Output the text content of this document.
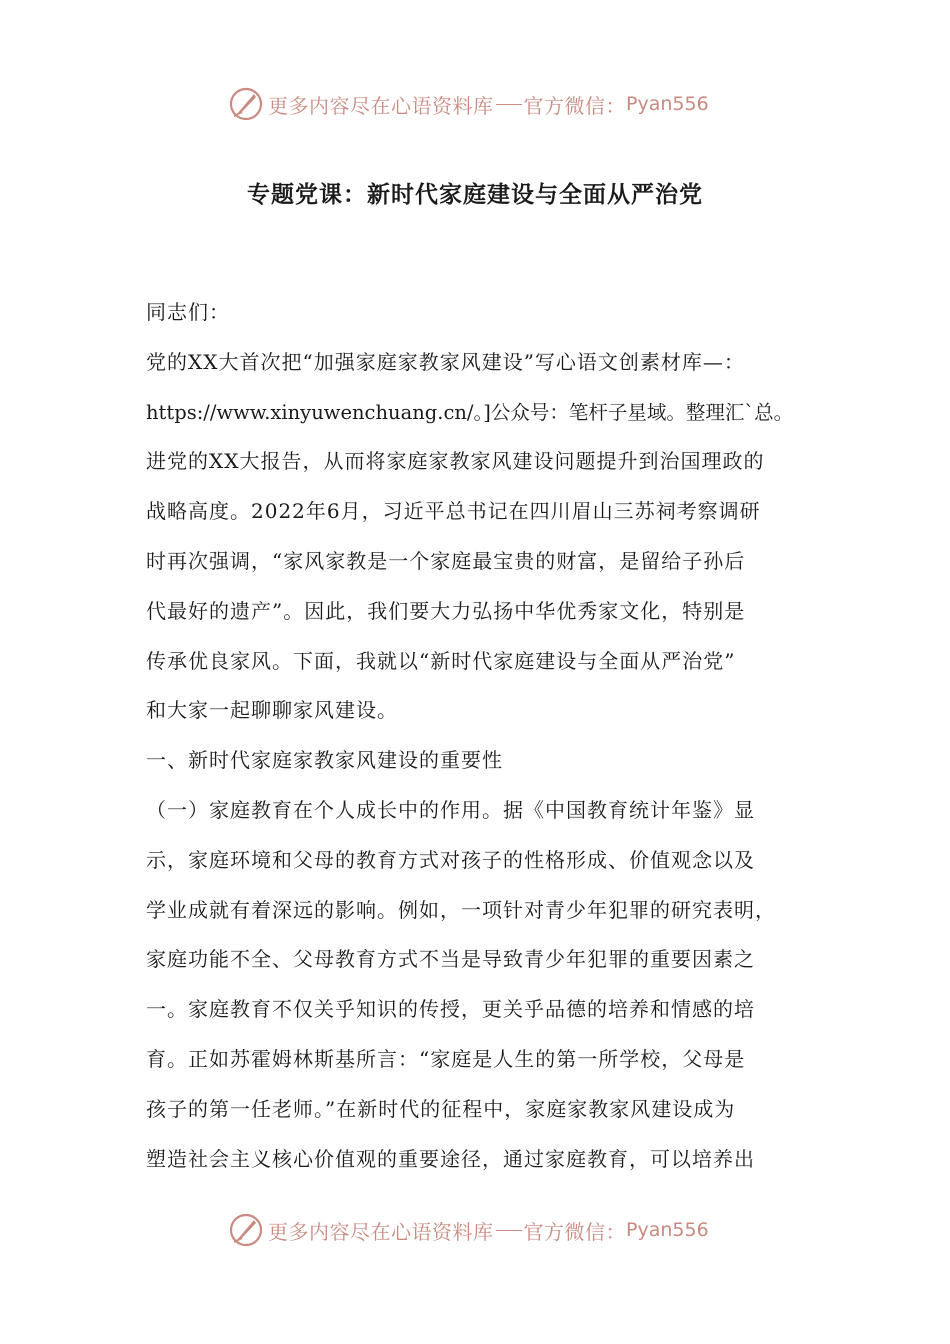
更多内容尽在心语资料库 官方微信： Pyan556
专题党课：新时代家庭建设与全面从严治党
同志们：
党的XX大首次把“加强家庭家教家风建设”写心语文创素材库—：
https://www.xinyuwenchuang.cn/。]公众号：笔杆子星域。整理汇`总。
进党的XX大报告，从而将家庭家教家风建设问题提升到治国理政的
战略高度。2022年6月，习近平总书记在四川眉山三苏祠考察调研
时再次强调，“家风家教是一个家庭最宝贵的财富，是留给子孙后
代最好的遗产”。因此，我们要大力弘扬中华优秀家文化，特别是
传承优良家风。下面，我就以“新时代家庭建设与全面从严治党”
和大家一起聊聊家风建设。
一、新时代家庭家教家风建设的重要性
（一）家庭教育在个人成长中的作用。据《中国教育统计年鉴》显
示，家庭环境和父母的教育方式对孩子的性格形成、价值观念以及
学业成就有着深远的影响。例如，一项针对青少年犯罪的研究表明，
家庭功能不全、父母教育方式不当是导致青少年犯罪的重要因素之
一。家庭教育不仅关乎知识的传授，更关乎品德的培养和情感的培
育。正如苏霍姆林斯基所言：“家庭是人生的第一所学校，父母是
孩子的第一任老师。”在新时代的征程中，家庭家教家风建设成为
塑造社会主义核心价值观的重要途径，通过家庭教育，可以培养出
更多内容尽在心语资料库 官方微信： Pyan556
